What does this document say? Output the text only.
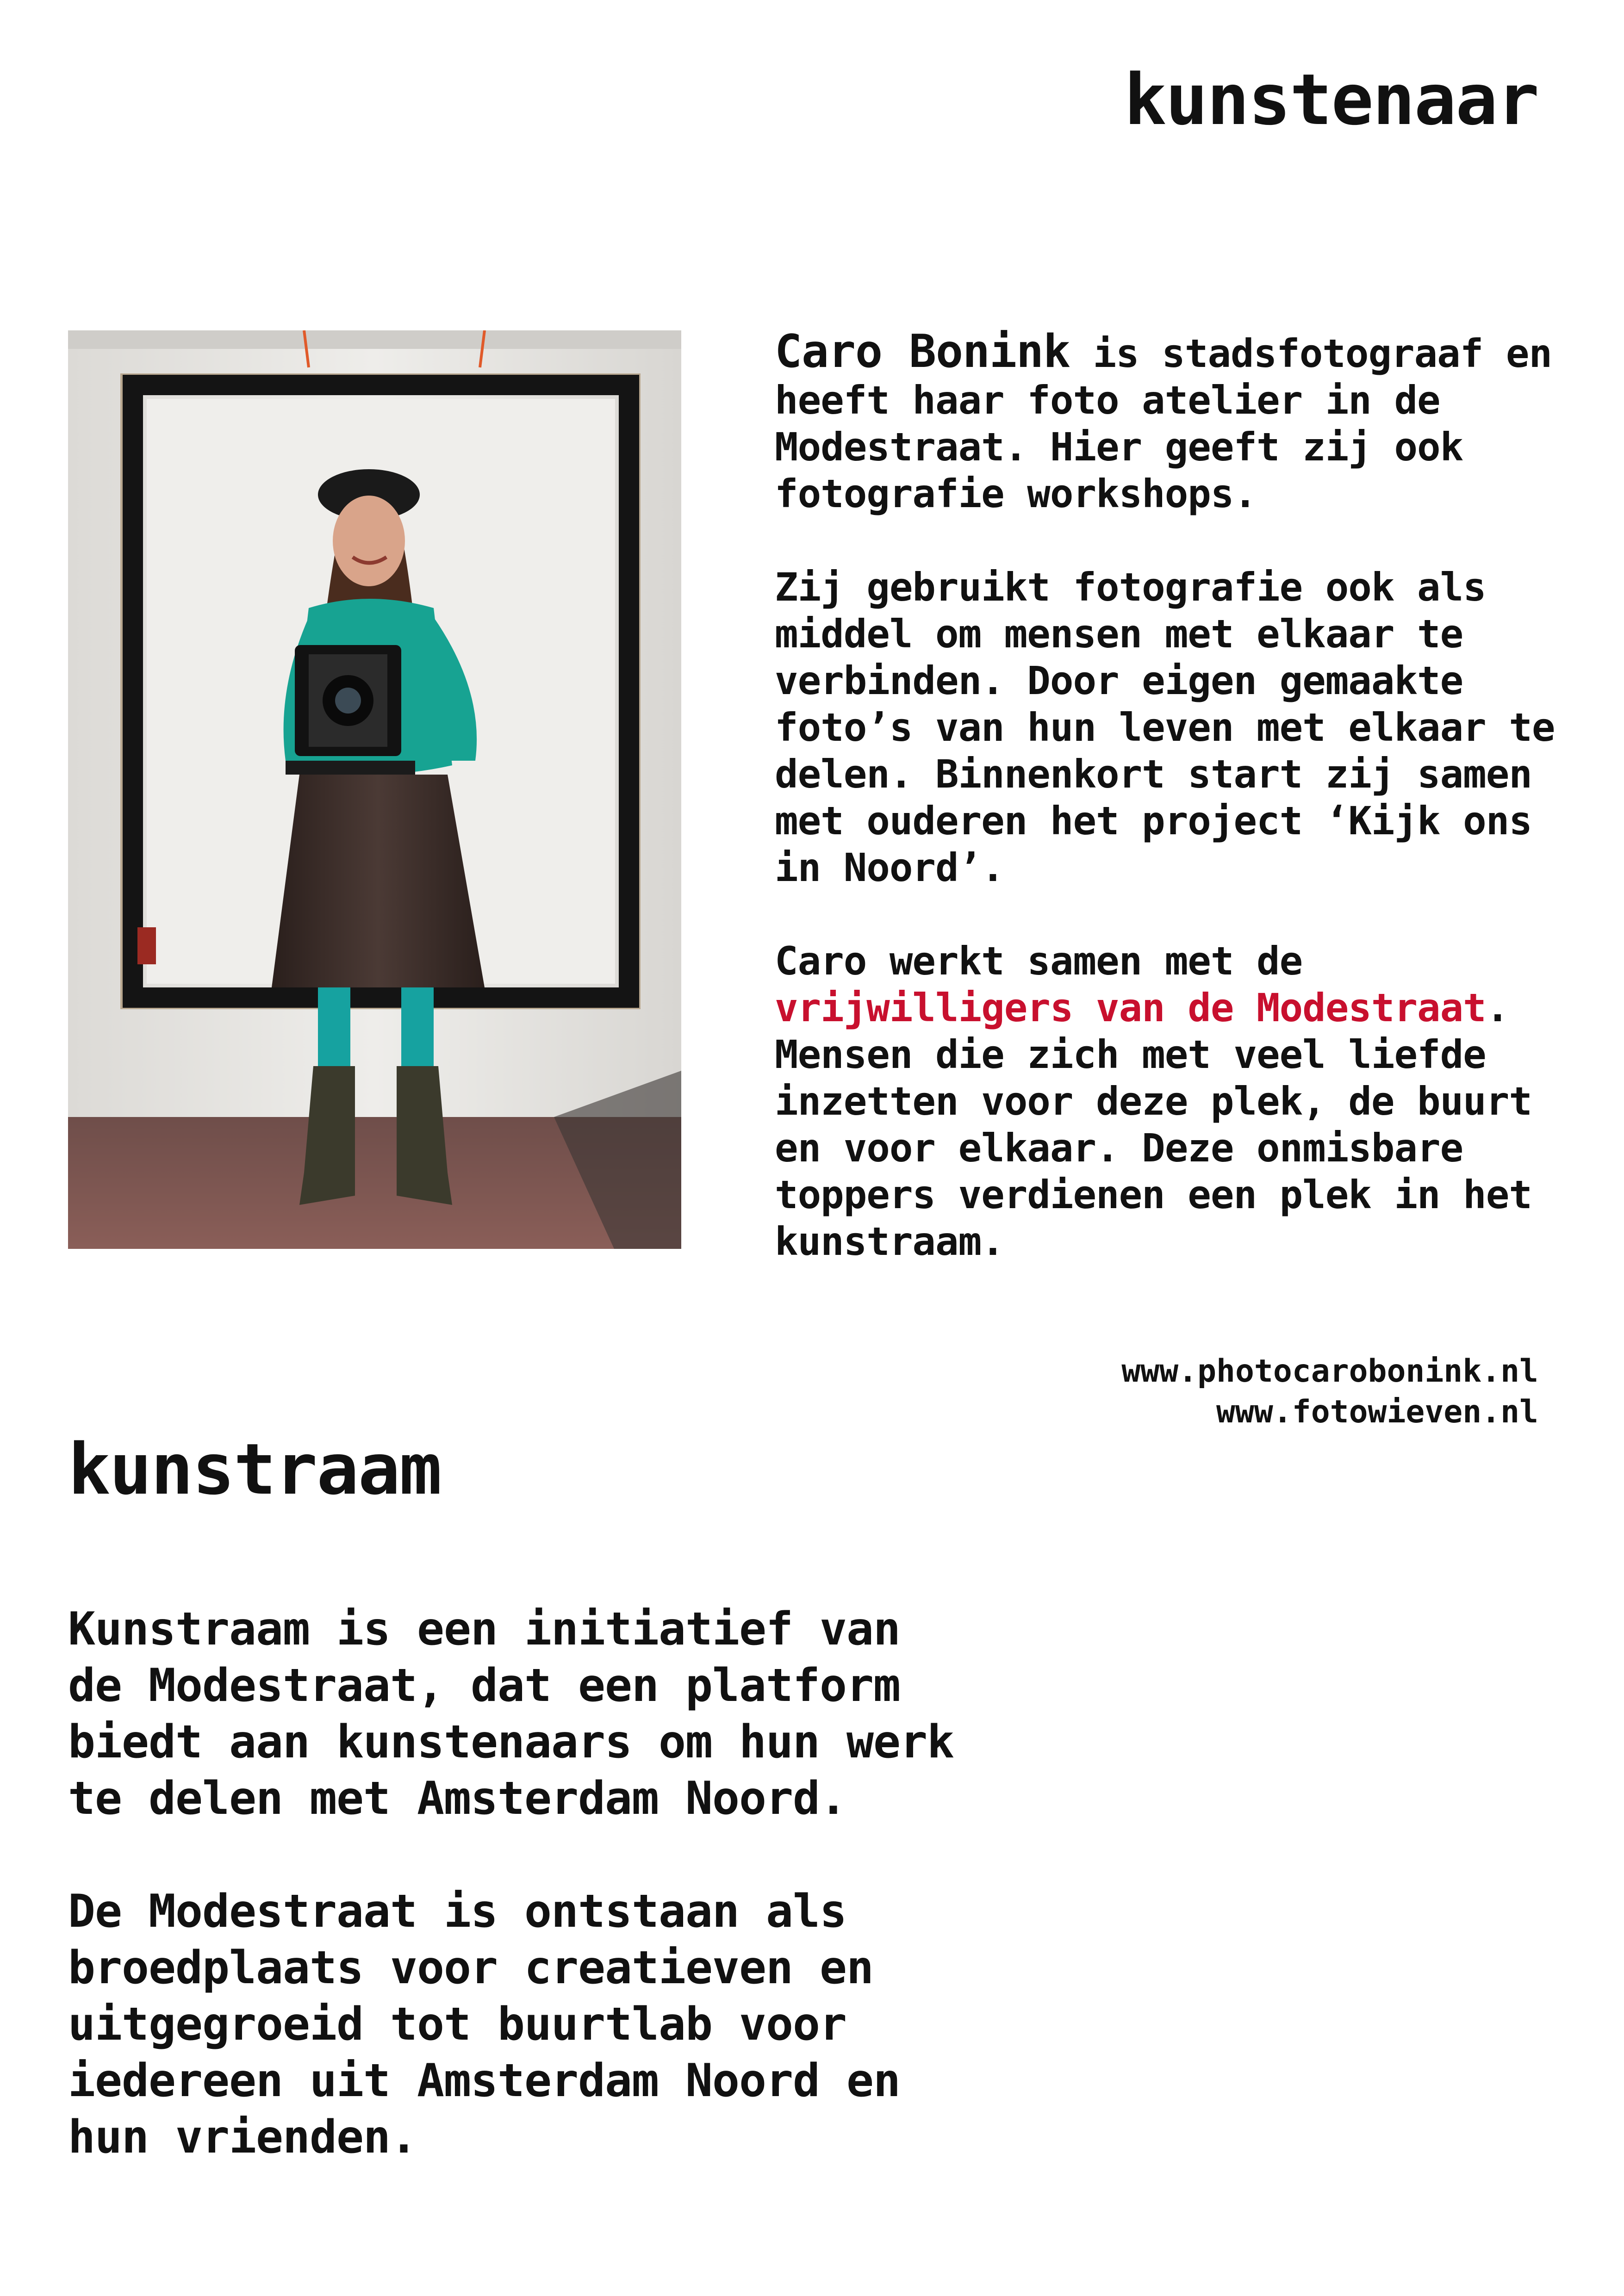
kunstenaar

Caro Bonink is stadsfotograaf en heeft haar foto atelier in de Modestraat. Hier geeft zij ook fotografie workshops.

Zij gebruikt fotografie ook als middel om mensen met elkaar te verbinden. Door eigen gemaakte foto’s van hun leven met elkaar te delen. Binnenkort start zij samen met ouderen het project ‘Kijk ons in Noord’.

Caro werkt samen met de vrijwilligers van de Modestraat. Mensen die zich met veel liefde inzetten voor deze plek, de buurt en voor elkaar. Deze onmisbare toppers verdienen een plek in het kunstraam.

www.photocarobonink.nl
www.fotowieven.nl
kunstraam

Kunstraam is een initiatief van de Modestraat, dat een platform biedt aan kunstenaars om hun werk te delen met Amsterdam Noord.

De Modestraat is ontstaan als broedplaats voor creatieven en uitgegroeid tot buurtlab voor iedereen uit Amsterdam Noord en hun vrienden.
